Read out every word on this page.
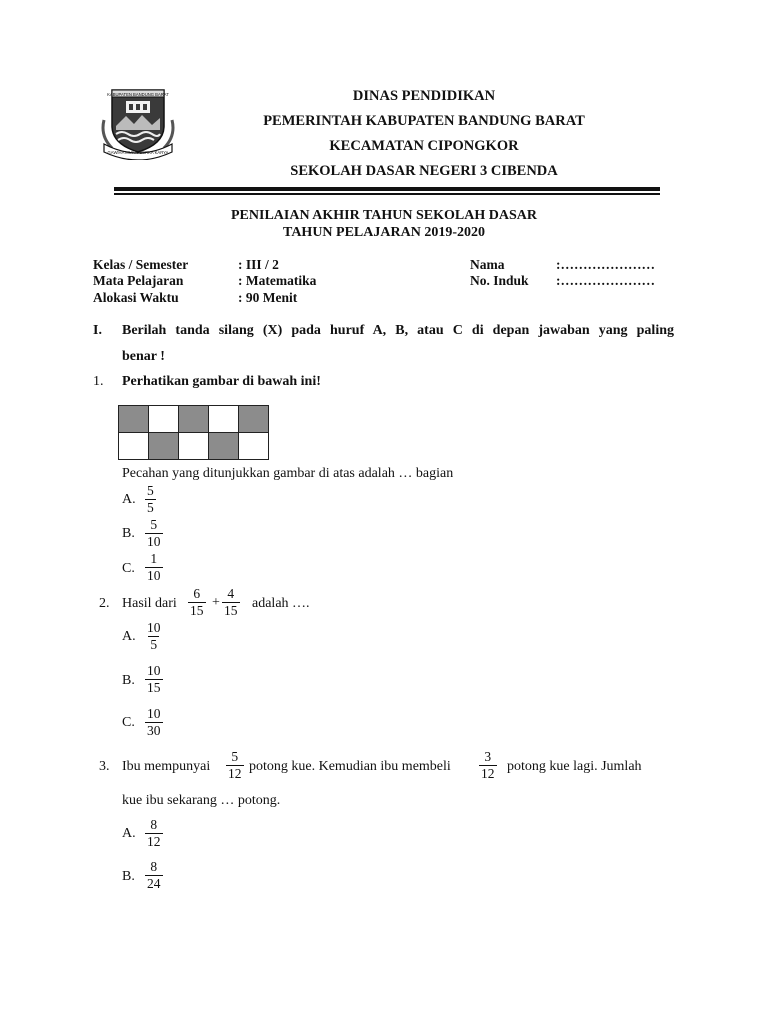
KABUPATEN BANDUNG BARAT
GAWIHA MUKTI BERKA KARYA
DINAS PENDIDIKAN
PEMERINTAH KABUPATEN BANDUNG BARAT
KECAMATAN CIPONGKOR
SEKOLAH DASAR NEGERI 3 CIBENDA
PENILAIAN AKHIR TAHUN SEKOLAH DASAR
TAHUN PELAJARAN 2019-2020
Kelas / Semester	: III / 2
Mata Pelajaran	: Matematika
Alokasi Waktu	: 90 Menit
Nama	:…………………
No. Induk :…………………
I. Berilah tanda silang (X) pada huruf A, B, atau C di depan jawaban yang paling
benar !
1. Perhatikan gambar di bawah ini!

Pecahan yang ditunjukkan gambar di atas adalah … bagian
A. $\frac{5}{5}$
B. $\frac{5}{10}$
C. $\frac{1}{10}$
2. Hasil dari $\frac{6}{15} + \frac{4}{15}$ adalah ….
A. $\frac{10}{5}$
B. $\frac{10}{15}$
C. $\frac{10}{30}$
3. Ibu mempunyai $\frac{5}{12}$ potong kue. Kemudian ibu membeli $\frac{3}{12}$ potong kue lagi. Jumlah
kue ibu sekarang … potong.
A. $\frac{8}{12}$
B. $\frac{8}{24}$
